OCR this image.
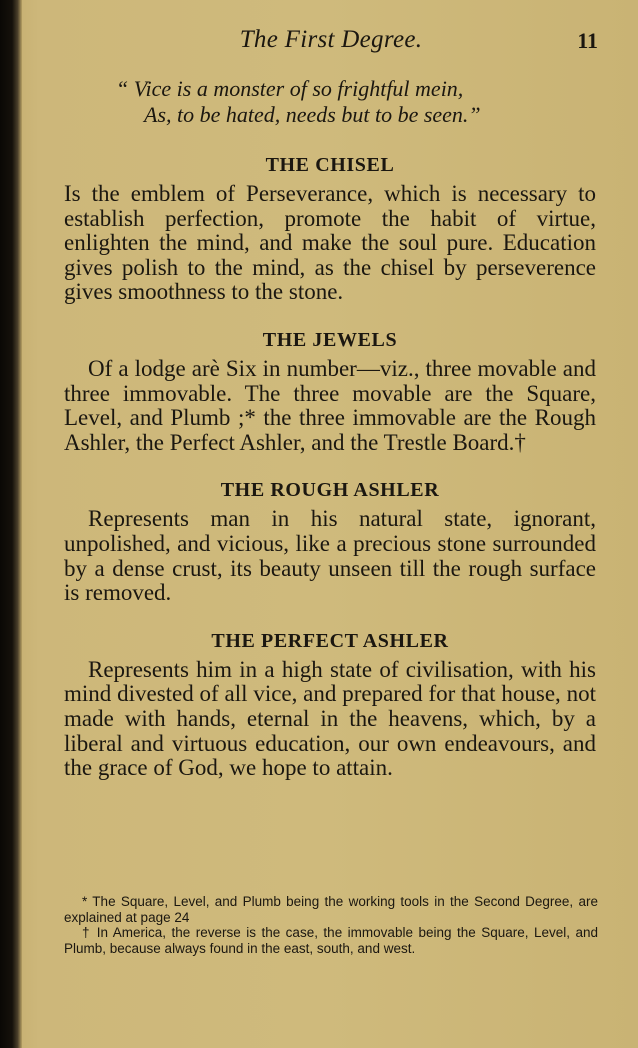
The First Degree.	11
“ Vice is a monster of so frightful mein,
As, to be hated, needs but to be seen.”
THE CHISEL

Is the emblem of Perseverance, which is necessary to establish perfection, promote the habit of virtue, enlighten the mind, and make the soul pure. Education gives polish to the mind, as the chisel by perseverence gives smoothness to the stone.

THE JEWELS

Of a lodge arè Six in number—viz., three movable and three immovable. The three movable are the Square, Level, and Plumb ;* the three immovable are the Rough Ashler, the Perfect Ashler, and the Trestle Board.†

THE ROUGH ASHLER

Represents man in his natural state, ignorant, unpolished, and vicious, like a precious stone surrounded by a dense crust, its beauty unseen till the rough surface is removed.

THE PERFECT ASHLER

Represents him in a high state of civilisation, with his mind divested of all vice, and prepared for that house, not made with hands, eternal in the heavens, which, by a liberal and virtuous education, our own endeavours, and the grace of God, we hope to attain.

* The Square, Level, and Plumb being the working tools in the Second Degree, are explained at page 24

† In America, the reverse is the case, the immovable being the Square, Level, and Plumb, because always found in the east, south, and west.
